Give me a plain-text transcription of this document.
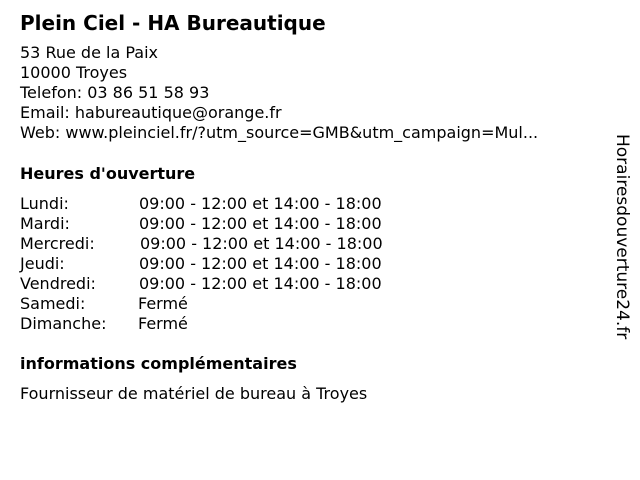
Plein Ciel - HA Bureautique
53 Rue de la Paix
10000 Troyes
Telefon: 03 86 51 58 93
Email: habureautique@orange.fr
Web: www.pleinciel.fr/?utm_source=GMB&utm_campaign=Mul...
Heures d'ouverture
Lundi:	09:00 - 12:00 et 14:00 - 18:00
Mardi:	09:00 - 12:00 et 14:00 - 18:00
Mercredi:	09:00 - 12:00 et 14:00 - 18:00
Jeudi:	09:00 - 12:00 et 14:00 - 18:00
Vendredi:	09:00 - 12:00 et 14:00 - 18:00
Samedi:	Fermé
Dimanche: Fermé
informations complémentaires
Fournisseur de matériel de bureau à Troyes
Horairesdouverture24.fr
